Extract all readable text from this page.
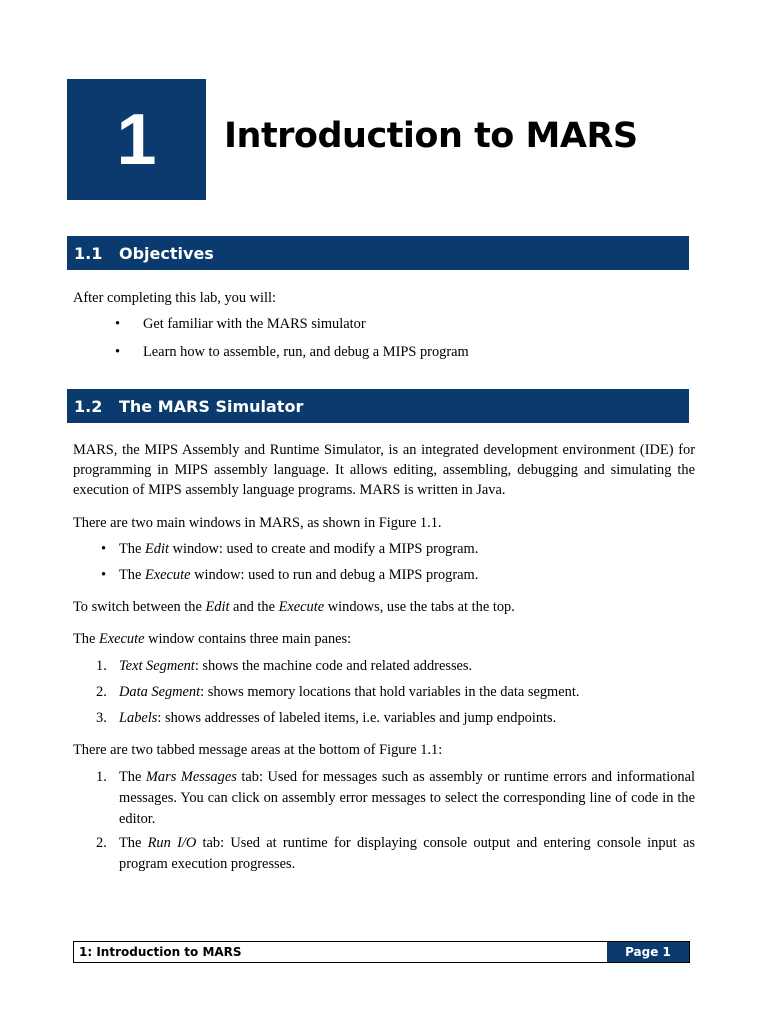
1 Introduction to MARS
1.1	Objectives
After completing this lab, you will:
• Get familiar with the MARS simulator
• Learn how to assemble, run, and debug a MIPS program
1.2	The MARS Simulator
MARS, the MIPS Assembly and Runtime Simulator, is an integrated development environment (IDE) for programming in MIPS assembly language. It allows editing, assembling, debugging and simulating the execution of MIPS assembly language programs. MARS is written in Java.
There are two main windows in MARS, as shown in Figure 1.1.
• The Edit window: used to create and modify a MIPS program.
• The Execute window: used to run and debug a MIPS program.
To switch between the Edit and the Execute windows, use the tabs at the top.
The Execute window contains three main panes:
1. Text Segment: shows the machine code and related addresses.
2. Data Segment: shows memory locations that hold variables in the data segment.
3. Labels: shows addresses of labeled items, i.e. variables and jump endpoints.
There are two tabbed message areas at the bottom of Figure 1.1:
1. The Mars Messages tab: Used for messages such as assembly or runtime errors and informational messages. You can click on assembly error messages to select the corresponding line of code in the editor.
2. The Run I/O tab: Used at runtime for displaying console output and entering console input as program execution progresses.
1: Introduction to MARS	Page 1
